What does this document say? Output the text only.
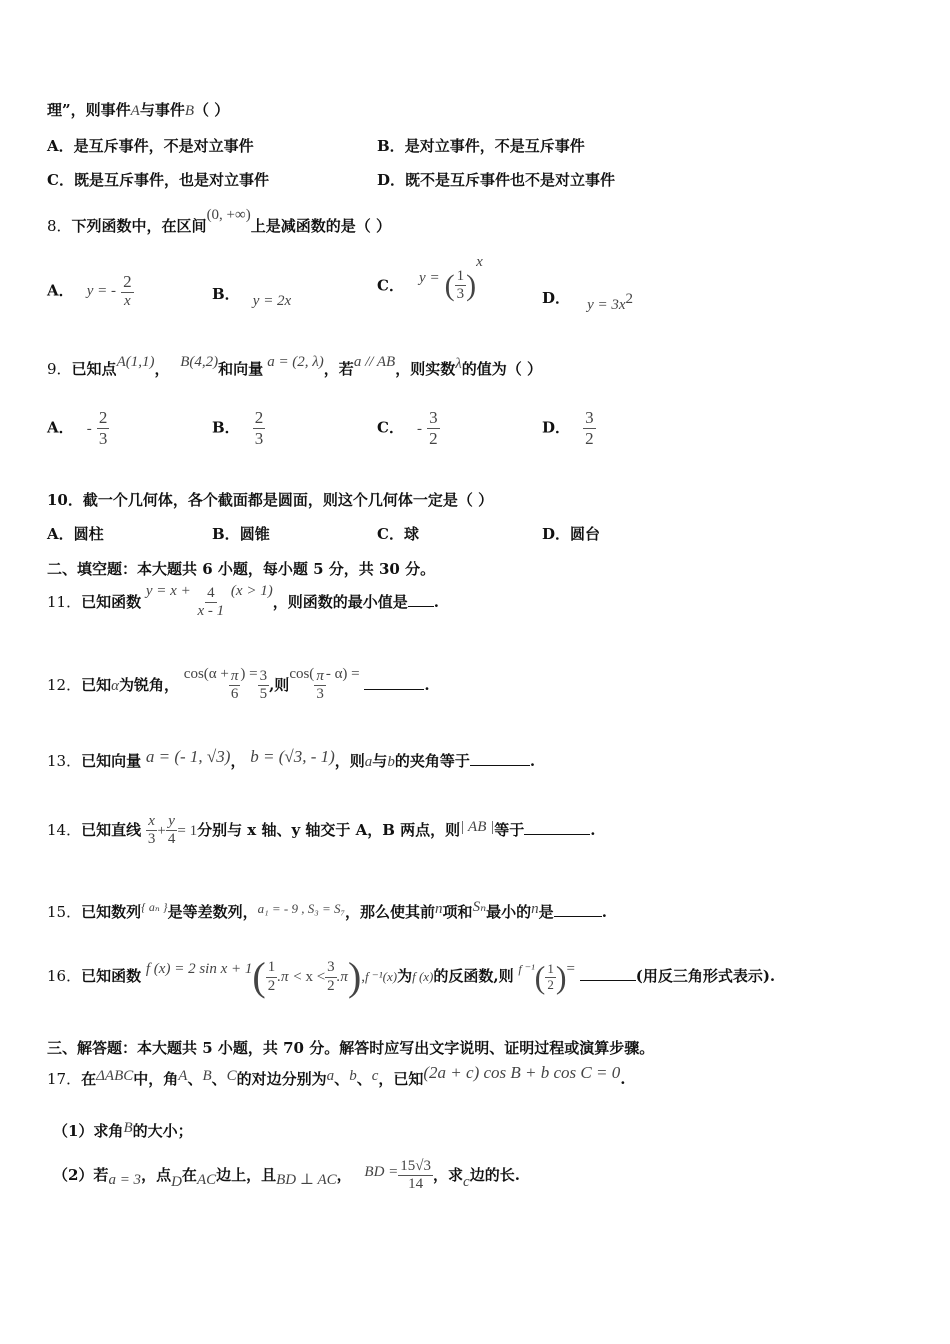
理”，则事件A与事件B（ ）
A．是互斥事件，不是对立事件	B．是对立事件，不是互斥事件
C．既是互斥事件，也是对立事件	D．既不是互斥事件也不是对立事件
8．下列函数中，在区间(0, +∞)上是减函数的是（ ）
A． y = - $\frac{2}{x}$	B． y = 2x
C． y = ( $\frac{1}{3} )^x$
D． $y = 3x^2$
9．已知点A(1,1)， B(4,2)和向量 a = (2, λ)，若a // AB，则实数λ的值为（ ）
A． - $\frac{2}{3}$	B． $\frac{2}{3}$	C． - $\frac{3}{2}$	D． $\frac{3}{2}$
10．截一个几何体，各个截面都是圆面，则这个几何体一定是（ ）
A．圆柱	B．圆锥	C．球	D．圆台
二、填空题：本大题共 6 小题，每小题 5 分，共 30 分。
11．已知函数 $y = x + \frac{4}{x - 1} (x > 1)$，则函数的最小值是 .
12．已知α为锐角， $\cos(\alpha + \frac{\pi}{6}$ ) = $\frac{3}{5}$ ,则$\cos( \frac{\pi}{3} - \alpha)$ = .
13．已知向量 a = (- 1, √3)， b = (√3, - 1)，则a与b的夹角等于	.
14．已知直线 $\frac{x}{3} + \frac{y}{4} = 1$分别与 x 轴、y 轴交于 A，B 两点，则| AB |等于	.
15．已知数列$^{\{ a_n \}}$是等差数列，a₁ = - 9 , S₃ = S₇，那么使其前n项和Sₙ最小的n是	.
16．已知函数 f (x) = 2 $\sin x + 1( \frac{1}{2} .\pi < x < \frac{3}{2} .\pi),f$ ⁻¹(x)为f (x)的反函数,则 $^{f ^{-1}}( \frac{1}{2}$ )=	(用反三角形式表示).
三、解答题：本大题共 5 小题，共 70 分。解答时应写出文字说明、证明过程或演算步骤。
17．在ΔABC中，角A、B、C的对边分别为a、b、c，已知(2a + c) cos B + b cos C = 0.
（1）求角B的大小；
（2）若a = 3，点D在AC边上，且BD ⊥ AC， BD = $\frac{15√3}{14}$ ，求c边的长.
